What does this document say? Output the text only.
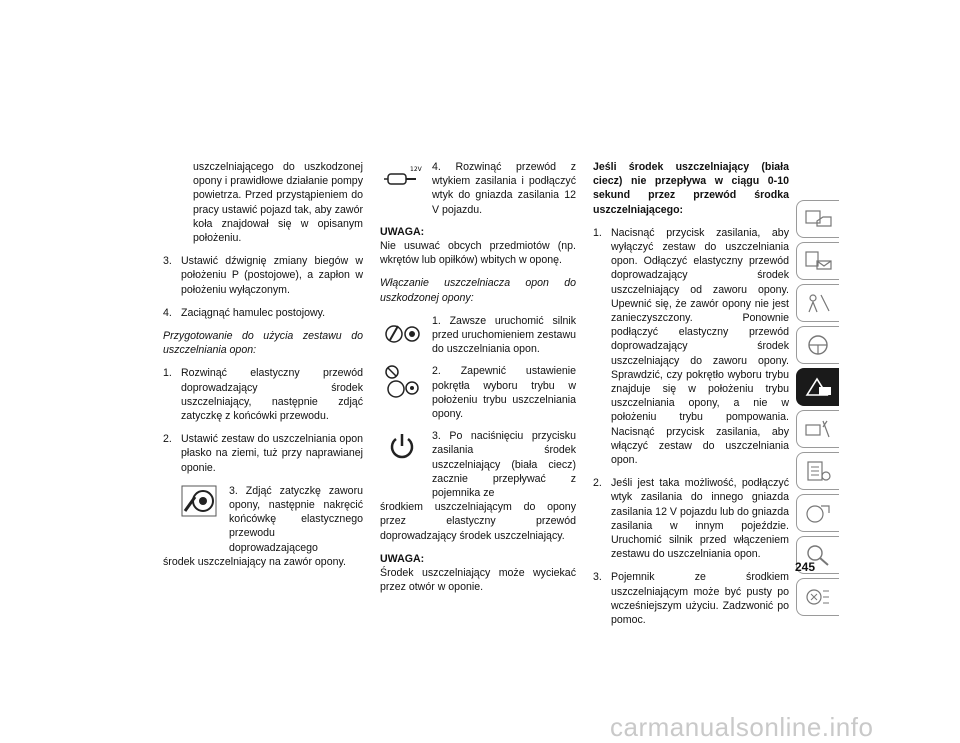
uszczelniającego do uszkodzonej opony i prawidłowe działanie pompy powietrza. Przed przystąpieniem do pracy ustawić pojazd tak, aby zawór koła znajdował się w opisanym położeniu.

3. Ustawić dźwignię zmiany biegów w położeniu P (postojowe), a zapłon w położeniu wyłączonym.
4. Zaciągnąć hamulec postojowy.

Przygotowanie do użycia zestawu do uszczelniania opon:

1. Rozwinąć elastyczny przewód doprowadzający środek uszczelniający, następnie zdjąć zatyczkę z końcówki przewodu.
2. Ustawić zestaw do uszczelniania opon płasko na ziemi, tuż przy naprawianej oponie.
3. Zdjąć zatyczkę zaworu opony, następnie nakręcić końcówkę elastycznego przewodu doprowadzającego

środek uszczelniający na zawór opony.

12V 4. Rozwinąć przewód z wtykiem zasilania i podłączyć wtyk do gniazda zasilania 12 V pojazdu.

UWAGA:

Nie usuwać obcych przedmiotów (np. wkrętów lub opiłków) wbitych w oponę.

Włączanie uszczelniacza opon do uszkodzonej opony:

1. Zawsze uruchomić silnik przed uruchomieniem zestawu do uszczelniania opon.
2. Zapewnić ustawienie pokrętła wyboru trybu w położeniu trybu uszczelniania opony.
3. Po naciśnięciu przycisku zasilania środek uszczelniający (biała ciecz) zacznie przepływać z pojemnika ze

środkiem uszczelniającym do opony przez elastyczny przewód doprowadzający środek uszczelniający.

UWAGA:

Środek uszczelniający może wyciekać przez otwór w oponie.

Jeśli środek uszczelniający (biała ciecz) nie przepływa w ciągu 0-10 sekund przez przewód środka uszczelniającego:

1. Nacisnąć przycisk zasilania, aby wyłączyć zestaw do uszczelniania opon. Odłączyć elastyczny przewód doprowadzający środek uszczelniający od zaworu opony. Upewnić się, że zawór opony nie jest zanieczyszczony. Ponownie podłączyć elastyczny przewód doprowadzający środek uszczelniający do zaworu opony. Sprawdzić, czy pokrętło wyboru trybu znajduje się w położeniu trybu uszczelniania opony, a nie w położeniu trybu pompowania. Nacisnąć przycisk zasilania, aby włączyć zestaw do uszczelniania opon.
2. Jeśli jest taka możliwość, podłączyć wtyk zasilania do innego gniazda zasilania 12 V pojazdu lub do gniazda zasilania w innym pojeździe. Uruchomić silnik przed włączeniem zestawu do uszczelniania opon.
3. Pojemnik ze środkiem uszczelniającym może być pusty po wcześniejszym użyciu. Zadzwonić po pomoc.
245
carmanualsonline.info
